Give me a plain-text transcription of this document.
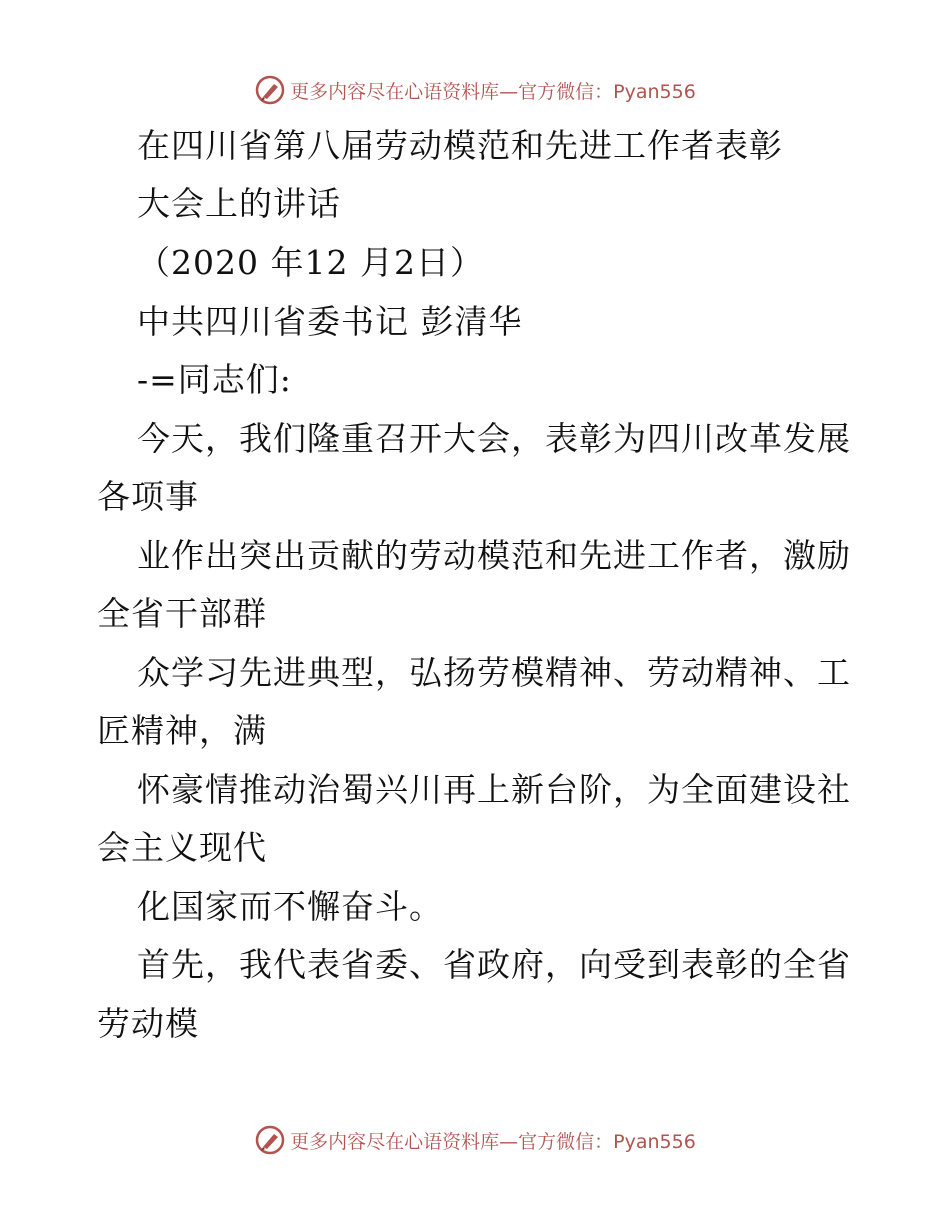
更多内容尽在心语资料库—官方微信：Pyan556
在四川省第八届劳动模范和先进工作者表彰
大会上的讲话
（2020 年12 月2日）
中共四川省委书记 彭清华
-=同志们:
今天，我们隆重召开大会，表彰为四川改革发展
各项事
业作出突出贡献的劳动模范和先进工作者，激励
全省干部群
众学习先进典型，弘扬劳模精神、劳动精神、工
匠精神，满
怀豪情推动治蜀兴川再上新台阶，为全面建设社
会主义现代
化国家而不懈奋斗。
首先，我代表省委、省政府，向受到表彰的全省
劳动模
更多内容尽在心语资料库—官方微信：Pyan556
